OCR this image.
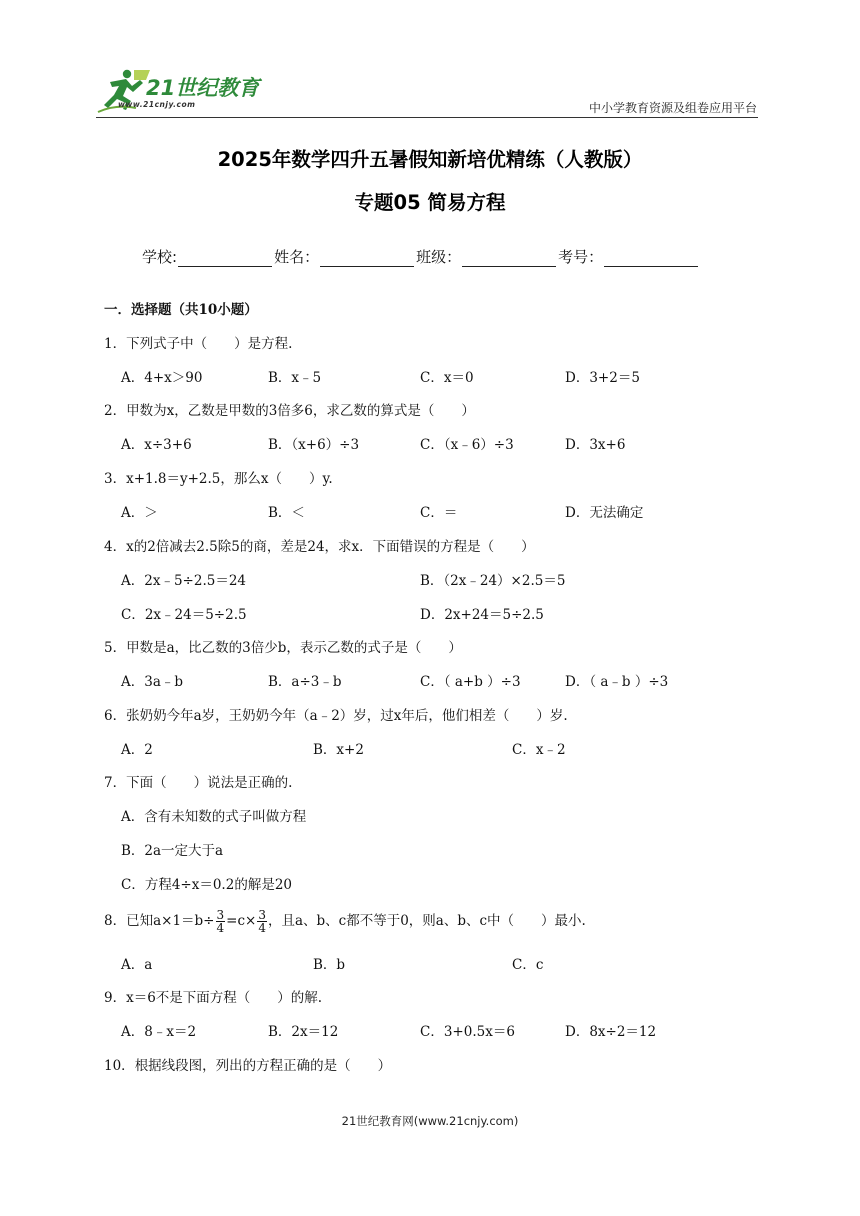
21世纪教育
www.21cnjy.com	中小学教育资源及组卷应用平台
2025年数学四升五暑假知新培优精练（人教版）
专题05 简易方程
学校:	姓名：	班级：	考号：
一．选择题（共10小题）
1．下列式子中（　　）是方程.
A．4+x＞90	B．x﹣5	C．x＝0	D．3+2＝5
2．甲数为x，乙数是甲数的3倍多6，求乙数的算式是（　　）
A．x÷3+6	B．（x+6）÷3	C．（x﹣6）÷3	D．3x+6
3．x+1.8＝y+2.5，那么x（　　）y.
A．＞	B．＜	C．＝	D．无法确定
4．x的2倍减去2.5除5的商，差是24，求x．下面错误的方程是（　　）
A．2x﹣5÷2.5＝24	B．（2x﹣24）×2.5＝5
C．2x﹣24＝5÷2.5	D．2x+24＝5÷2.5
5．甲数是a，比乙数的3倍少b，表示乙数的式子是（　　）
A．3a﹣b	B．a÷3﹣b	C．（ a+b ）÷3	D．（ a﹣b ）÷3
6．张奶奶今年a岁，王奶奶今年（a﹣2）岁，过x年后，他们相差（　　）岁.
A．2	B．x+2	C．x﹣2
7．下面（　　）说法是正确的.
A．含有未知数的式子叫做方程
B．2a一定大于a
C．方程4÷x＝0.2的解是20
8．已知$a\times 1=b\div \frac{3}{4} =c\times \frac{3}{4}$ ，且a、b、c都不等于0，则a、b、c中（　　）最小.
A．a	B．b	C．c
9．x＝6不是下面方程（　　）的解.
A．8﹣x＝2	B．2x＝12	C．3+0.5x＝6	D．8x÷2＝12
10．根据线段图，列出的方程正确的是（　　）
21世纪教育网(www.21cnjy.com)
